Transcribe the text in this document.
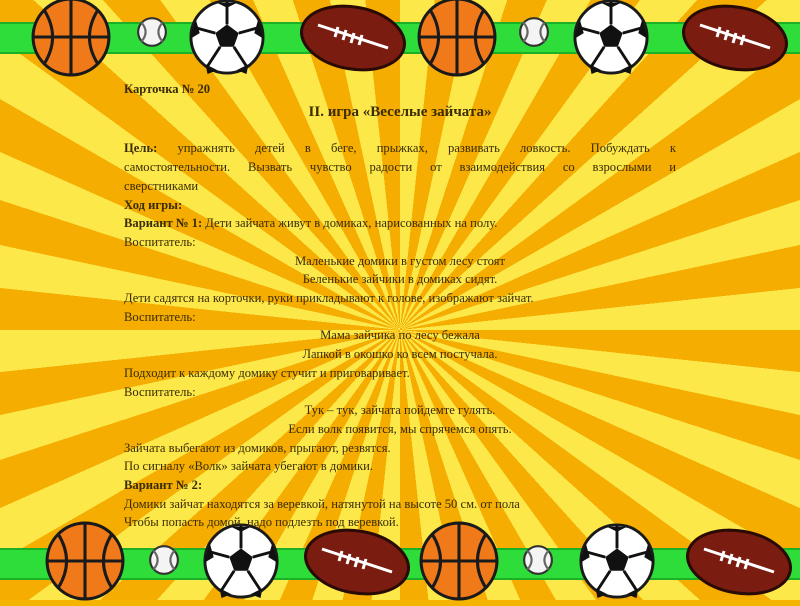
Карточка № 20
II. игра «Веселые зайчата»
Цель: упражнять детей в беге, прыжках, развивать ловкость. Побуждать к
самостоятельности. Вызвать чувство радости от взаимодействия со взрослыми и
сверстниками
Ход игры:
Вариант № 1: Дети зайчата живут в домиках, нарисованных на полу.
Воспитатель:
Маленькие домики в густом лесу стоят
Беленькие зайчики в домиках сидят.
Дети садятся на корточки, руки прикладывают к голове, изображают зайчат.
Воспитатель:
Мама зайчика по лесу бежала
Лапкой в окошко ко всем постучала.
Подходит к каждому домику стучит и приговаривает.
Воспитатель:
Тук – тук, зайчата пойдемте гулять.
Если волк появится, мы спрячемся опять.
Зайчата выбегают из домиков, прыгают, резвятся.
По сигналу «Волк» зайчата убегают в домики.
Вариант № 2:
Домики зайчат находятся за веревкой, натянутой на высоте 50 см. от пола
Чтобы попасть домой, надо подлезть под веревкой.
